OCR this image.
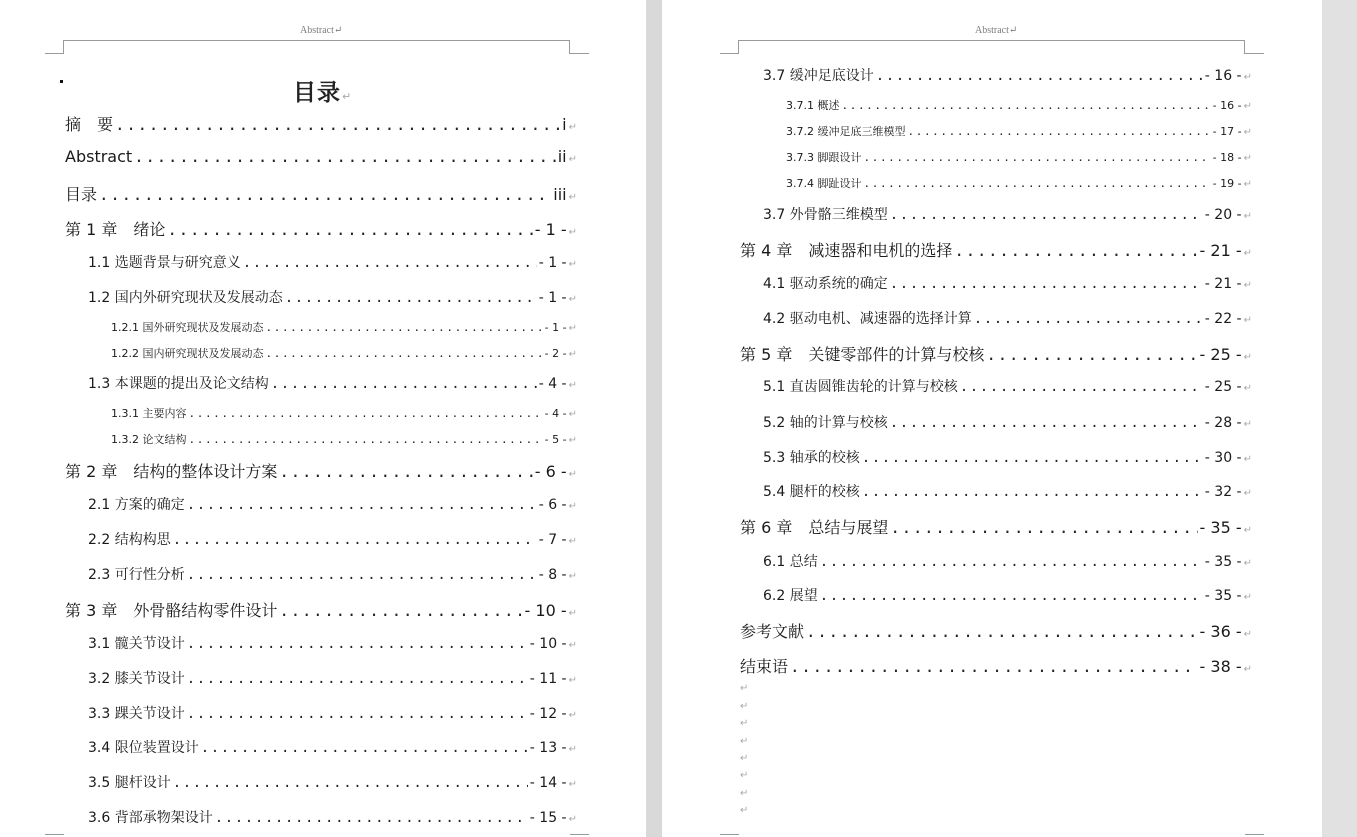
Abstract↵
目录↵
摘　要 .....	i ↵
Abstract .....	ii ↵
目录 .....	iii ↵
第 1 章　绪论 .....	- 1 - ↵
1.1 选题背景与研究意义 .....	- 1 - ↵
1.2 国内外研究现状及发展动态 .....	- 1 - ↵
1.2.1 国外研究现状及发展动态 .....	- 1 - ↵
1.2.2 国内研究现状及发展动态 .....	- 2 - ↵
1.3 本课题的提出及论文结构 .....	- 4 - ↵
1.3.1 主要内容 .....	- 4 - ↵
1.3.2 论文结构 .....	- 5 - ↵
第 2 章　结构的整体设计方案 .....	- 6 - ↵
2.1 方案的确定 .....	- 6 - ↵
2.2 结构构思 .....	- 7 - ↵
2.3 可行性分析 .....	- 8 - ↵
第 3 章　外骨骼结构零件设计 .....	- 10 - ↵
3.1 髋关节设计 .....	- 10 - ↵
3.2 膝关节设计 .....	- 11 - ↵
3.3 踝关节设计 .....	- 12 - ↵
3.4 限位装置设计 .....	- 13 - ↵
3.5 腿杆设计 .....	- 14 - ↵
3.6 背部承物架设计 .....	- 15 - ↵
Abstract↵
3.7 缓冲足底设计 .....	- 16 - ↵
3.7.1 概述 .....	- 16 - ↵
3.7.2 缓冲足底三维模型 .....	- 17 - ↵
3.7.3 脚跟设计 .....	- 18 - ↵
3.7.4 脚趾设计 .....	- 19 - ↵
3.7 外骨骼三维模型 .....	- 20 - ↵
第 4 章　减速器和电机的选择 .....	- 21 - ↵
4.1 驱动系统的确定 .....	- 21 - ↵
4.2 驱动电机、减速器的选择计算 .....	- 22 - ↵
第 5 章　关键零部件的计算与校核 .....	- 25 - ↵
5.1 直齿圆锥齿轮的计算与校核 .....	- 25 - ↵
5.2 轴的计算与校核 .....	- 28 - ↵
5.3 轴承的校核 .....	- 30 - ↵
5.4 腿杆的校核 .....	- 32 - ↵
第 6 章　总结与展望 .....	- 35 - ↵
6.1 总结 .....	- 35 - ↵
6.2 展望 .....	- 35 - ↵
参考文献 .....	- 36 - ↵
结束语 .....	- 38 - ↵
↵
↵
↵
↵
↵
↵
↵
↵
